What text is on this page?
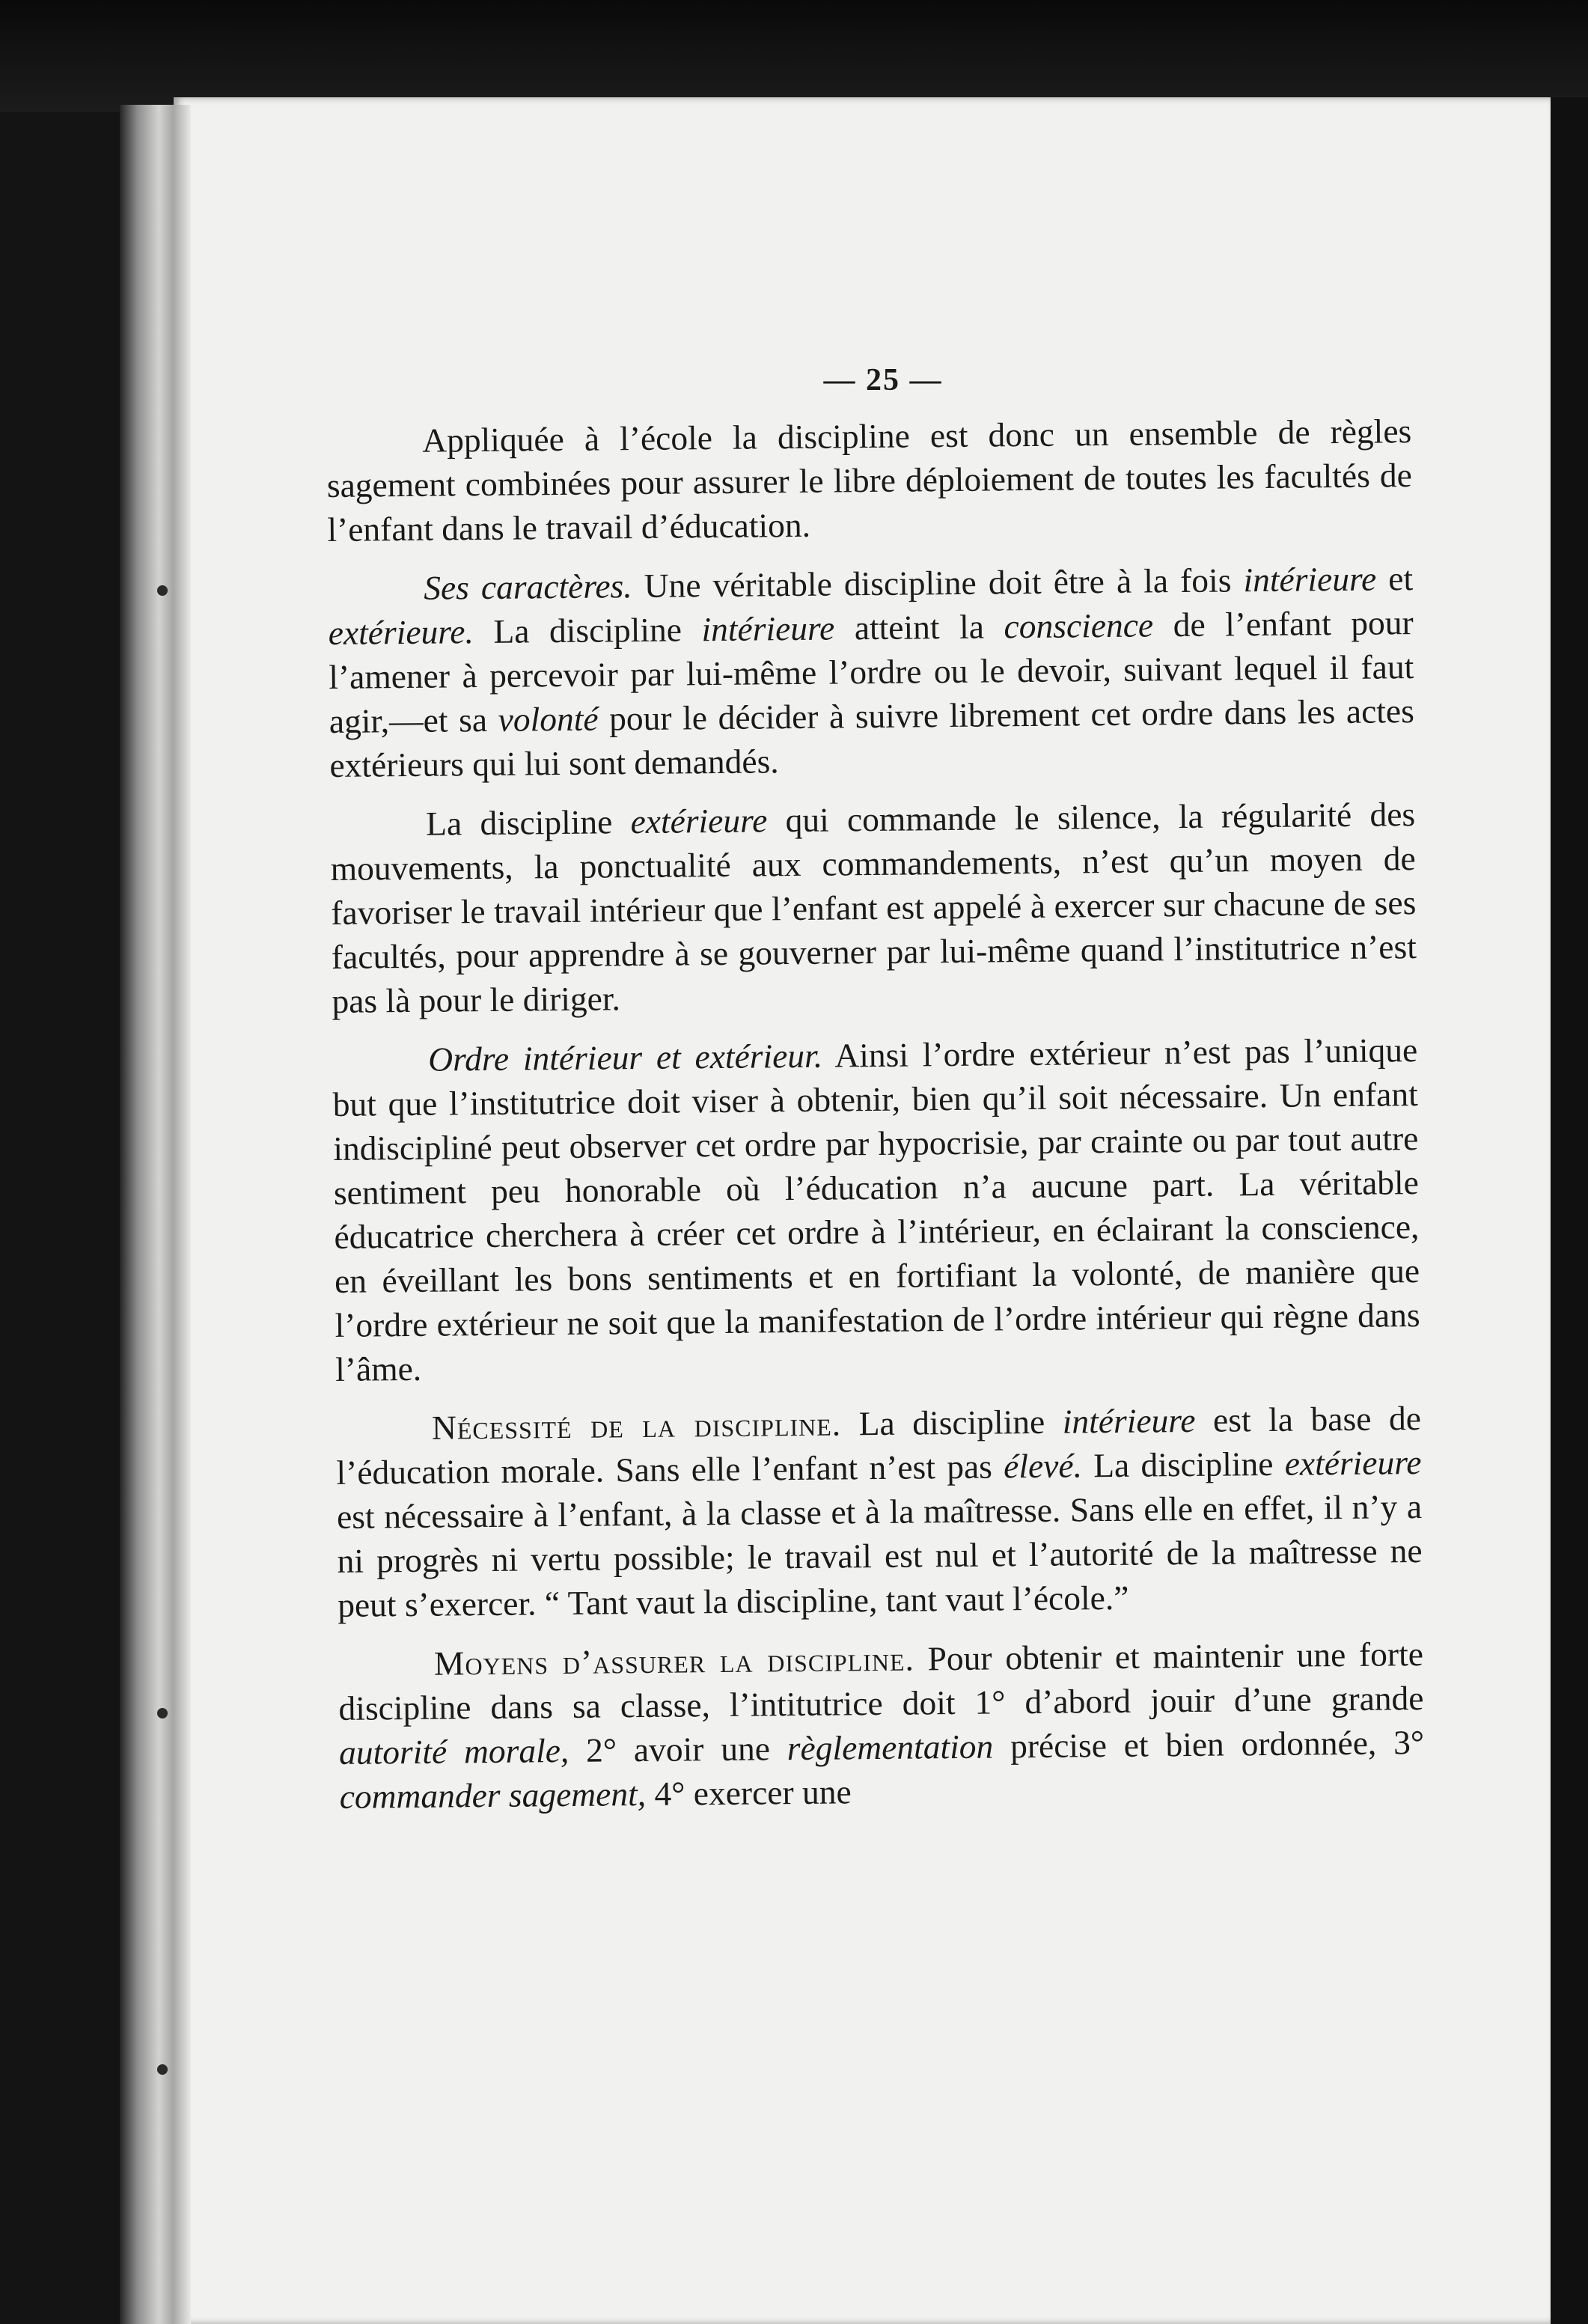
— 25 —

Appliquée à l’école la discipline est donc un ensemble de règles sagement combinées pour assurer le libre déploiement de toutes les facultés de l’enfant dans le travail d’éducation.

Ses caractères. Une véritable discipline doit être à la fois intérieure et extérieure. La discipline intérieure atteint la conscience de l’enfant pour l’amener à percevoir par lui-même l’ordre ou le devoir, suivant lequel il faut agir,—et sa volonté pour le décider à suivre librement cet ordre dans les actes extérieurs qui lui sont demandés.

La discipline extérieure qui commande le silence, la régularité des mouvements, la ponctualité aux commandements, n’est qu’un moyen de favoriser le travail intérieur que l’enfant est appelé à exercer sur chacune de ses facultés, pour apprendre à se gouverner par lui-même quand l’institutrice n’est pas là pour le diriger.

Ordre intérieur et extérieur. Ainsi l’ordre extérieur n’est pas l’unique but que l’institutrice doit viser à obtenir, bien qu’il soit nécessaire. Un enfant indiscipliné peut observer cet ordre par hypocrisie, par crainte ou par tout autre sentiment peu honorable où l’éducation n’a aucune part. La véritable éducatrice cherchera à créer cet ordre à l’intérieur, en éclairant la conscience, en éveillant les bons sentiments et en fortifiant la volonté, de manière que l’ordre extérieur ne soit que la manifestation de l’ordre intérieur qui règne dans l’âme.

Nécessité de la discipline. La discipline intérieure est la base de l’éducation morale. Sans elle l’enfant n’est pas élevé. La discipline extérieure est nécessaire à l’enfant, à la classe et à la maîtresse. Sans elle en effet, il n’y a ni progrès ni vertu possible; le travail est nul et l’autorité de la maîtresse ne peut s’exercer. “ Tant vaut la discipline, tant vaut l’école.”

Moyens d’assurer la discipline. Pour obtenir et maintenir une forte discipline dans sa classe, l’intitutrice doit 1° d’abord jouir d’une grande autorité morale, 2° avoir une règlementation précise et bien ordonnée, 3° commander sagement, 4° exercer une
